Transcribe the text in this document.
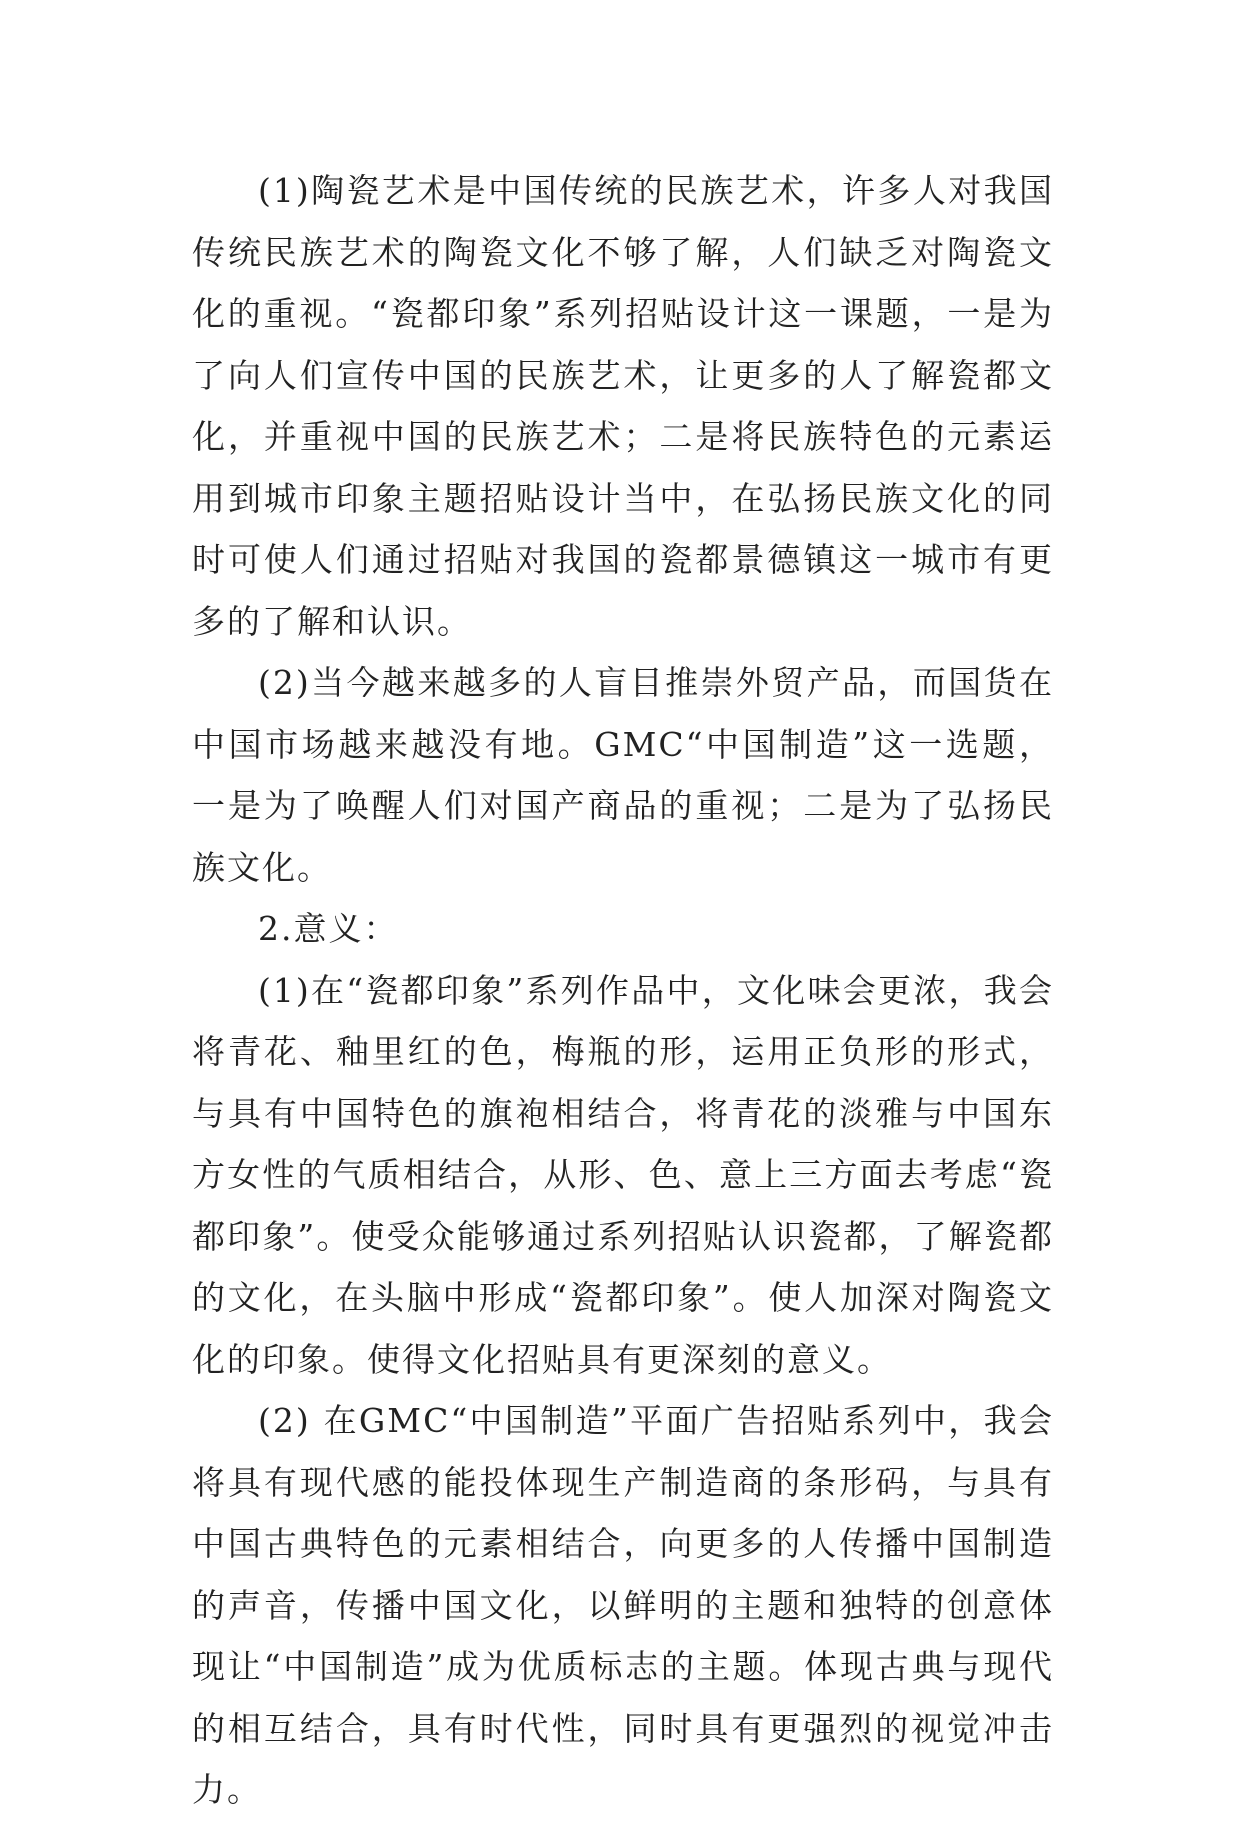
(1)陶瓷艺术是中国传统的民族艺术，许多人对我国传统民族艺术的陶瓷文化不够了解，人们缺乏对陶瓷文化的重视。“瓷都印象”系列招贴设计这一课题，一是为了向人们宣传中国的民族艺术，让更多的人了解瓷都文化，并重视中国的民族艺术；二是将民族特色的元素运用到城市印象主题招贴设计当中，在弘扬民族文化的同时可使人们通过招贴对我国的瓷都景德镇这一城市有更多的了解和认识。

(2)当今越来越多的人盲目推崇外贸产品，而国货在中国市场越来越没有地。GMC“中国制造”这一选题，一是为了唤醒人们对国产商品的重视；二是为了弘扬民族文化。

2.意义：

(1)在“瓷都印象”系列作品中，文化味会更浓，我会将青花、釉里红的色，梅瓶的形，运用正负形的形式，与具有中国特色的旗袍相结合，将青花的淡雅与中国东方女性的气质相结合，从形、色、意上三方面去考虑“瓷都印象”。使受众能够通过系列招贴认识瓷都，了解瓷都的文化，在头脑中形成“瓷都印象”。使人加深对陶瓷文化的印象。使得文化招贴具有更深刻的意义。

(2) 在GMC“中国制造”平面广告招贴系列中，我会将具有现代感的能投体现生产制造商的条形码，与具有中国古典特色的元素相结合，向更多的人传播中国制造的声音，传播中国文化，以鲜明的主题和独特的创意体现让“中国制造”成为优质标志的主题。体现古典与现代的相互结合，具有时代性，同时具有更强烈的视觉冲击力。
